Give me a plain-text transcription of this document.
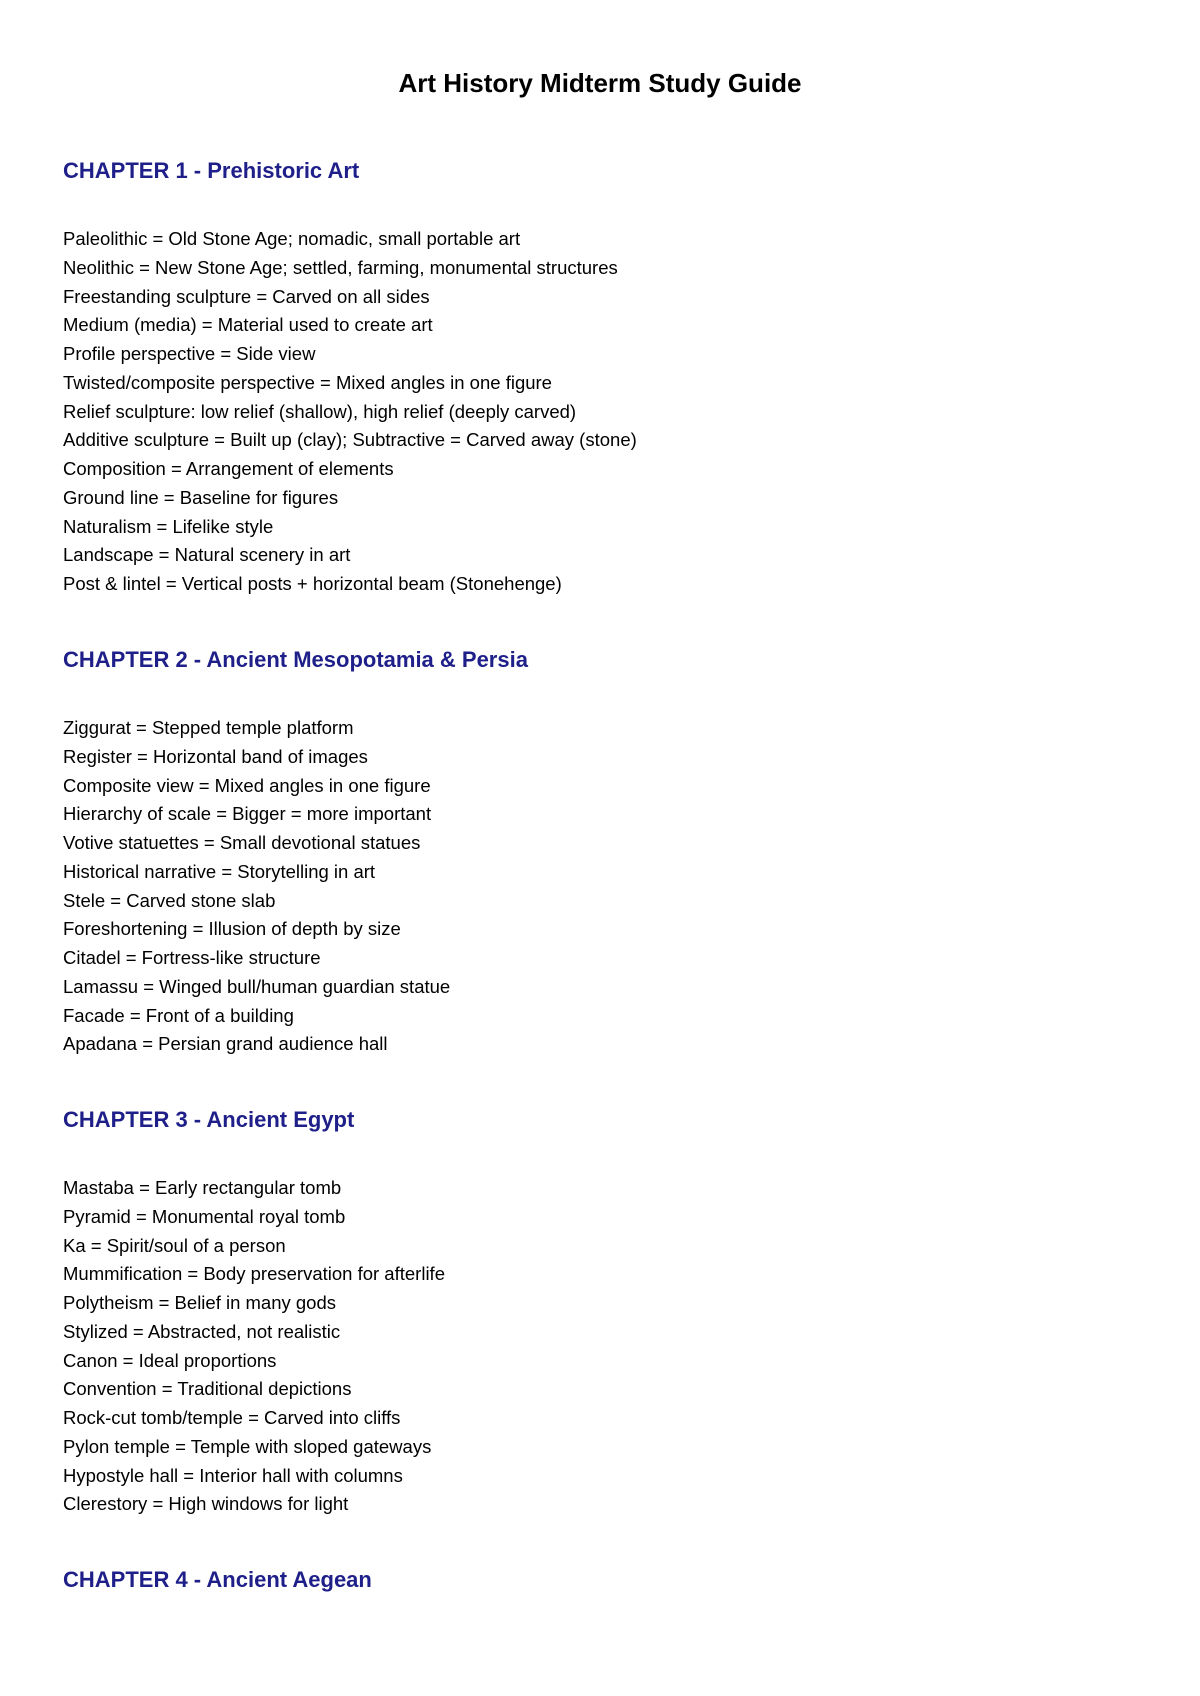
Art History Midterm Study Guide
CHAPTER 1 - Prehistoric Art
Paleolithic = Old Stone Age; nomadic, small portable art
Neolithic = New Stone Age; settled, farming, monumental structures
Freestanding sculpture = Carved on all sides
Medium (media) = Material used to create art
Profile perspective = Side view
Twisted/composite perspective = Mixed angles in one figure
Relief sculpture: low relief (shallow), high relief (deeply carved)
Additive sculpture = Built up (clay); Subtractive = Carved away (stone)
Composition = Arrangement of elements
Ground line = Baseline for figures
Naturalism = Lifelike style
Landscape = Natural scenery in art
Post & lintel = Vertical posts + horizontal beam (Stonehenge)
CHAPTER 2 - Ancient Mesopotamia & Persia
Ziggurat = Stepped temple platform
Register = Horizontal band of images
Composite view = Mixed angles in one figure
Hierarchy of scale = Bigger = more important
Votive statuettes = Small devotional statues
Historical narrative = Storytelling in art
Stele = Carved stone slab
Foreshortening = Illusion of depth by size
Citadel = Fortress-like structure
Lamassu = Winged bull/human guardian statue
Facade = Front of a building
Apadana = Persian grand audience hall
CHAPTER 3 - Ancient Egypt
Mastaba = Early rectangular tomb
Pyramid = Monumental royal tomb
Ka = Spirit/soul of a person
Mummification = Body preservation for afterlife
Polytheism = Belief in many gods
Stylized = Abstracted, not realistic
Canon = Ideal proportions
Convention = Traditional depictions
Rock-cut tomb/temple = Carved into cliffs
Pylon temple = Temple with sloped gateways
Hypostyle hall = Interior hall with columns
Clerestory = High windows for light
CHAPTER 4 - Ancient Aegean
